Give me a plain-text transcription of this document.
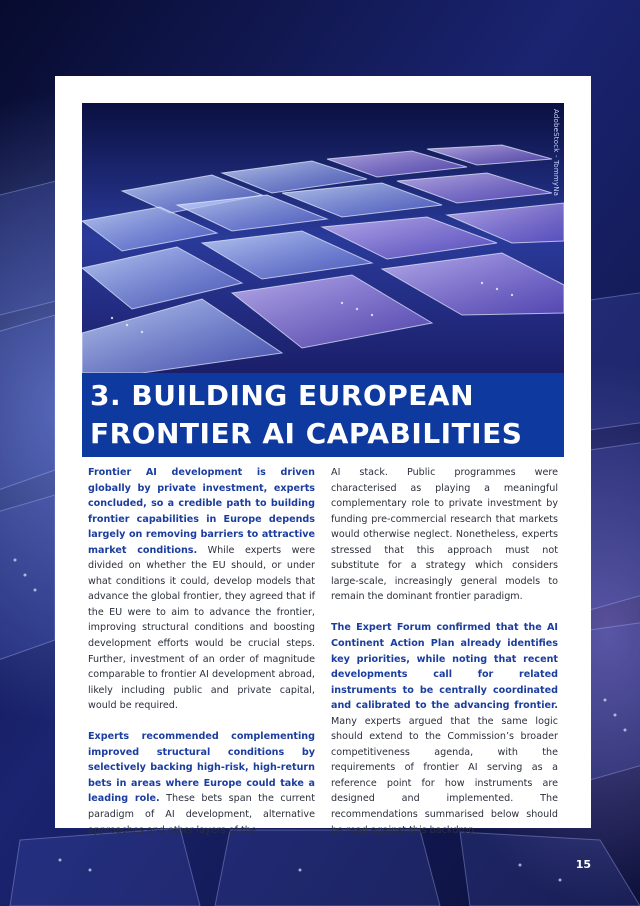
AdobeStock - TommyNa
3. BUILDING EUROPEAN
FRONTIER AI CAPABILITIES

Frontier AI development is driven globally by private investment, experts concluded, so a credible path to building frontier capabilities in Europe depends largely on removing barriers to attractive market conditions. While experts were divided on whether the EU should, or under what conditions it could, develop models that advance the global frontier, they agreed that if the EU were to aim to advance the frontier, improving structural conditions and boosting development efforts would be crucial steps. Further, investment of an order of magnitude comparable to frontier AI development abroad, likely including public and private capital, would be required.

Experts recommended complementing improved structural conditions by selectively backing high-risk, high-return bets in areas where Europe could take a leading role. These bets span the current paradigm of AI development, alternative approaches and other layers of the

AI stack. Public programmes were characterised as playing a meaningful complementary role to private investment by funding pre-commercial research that markets would otherwise neglect. Nonetheless, experts stressed that this approach must not substitute for a strategy which considers large-scale, increasingly general models to remain the dominant frontier paradigm.

The Expert Forum confirmed that the AI Continent Action Plan already identifies key priorities, while noting that recent developments call for related instruments to be centrally coordinated and calibrated to the advancing frontier. Many experts argued that the same logic should extend to the Commission’s broader competitiveness agenda, with the requirements of frontier AI serving as a reference point for how instruments are designed and implemented. The recommendations summarised below should be read against this backdrop.

15
